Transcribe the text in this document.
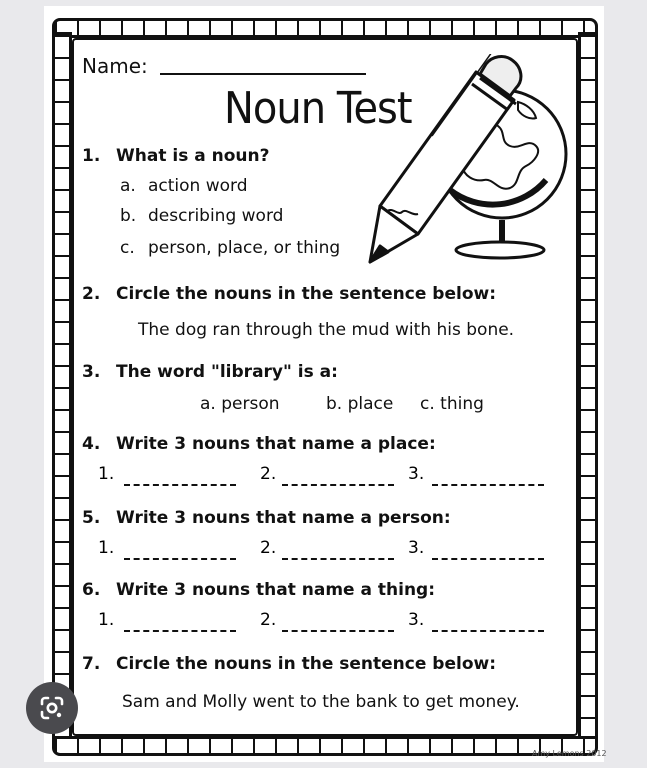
Name:
Noun Test
1. What is a noun?
a. action word
b. describing word
c. person, place, or thing
2. Circle the nouns in the sentence below:
The dog ran through the mud with his bone.
3. The word "library" is a:
a. person	b. place c. thing
4. Write 3 nouns that name a place:
1.	2.	3.
5. Write 3 nouns that name a person:
1.	2.	3.
6. Write 3 nouns that name a thing:
1.	2.	3.
7. Circle the nouns in the sentence below:
Sam and Molly went to the bank to get money.
Amy Lemons 2012
